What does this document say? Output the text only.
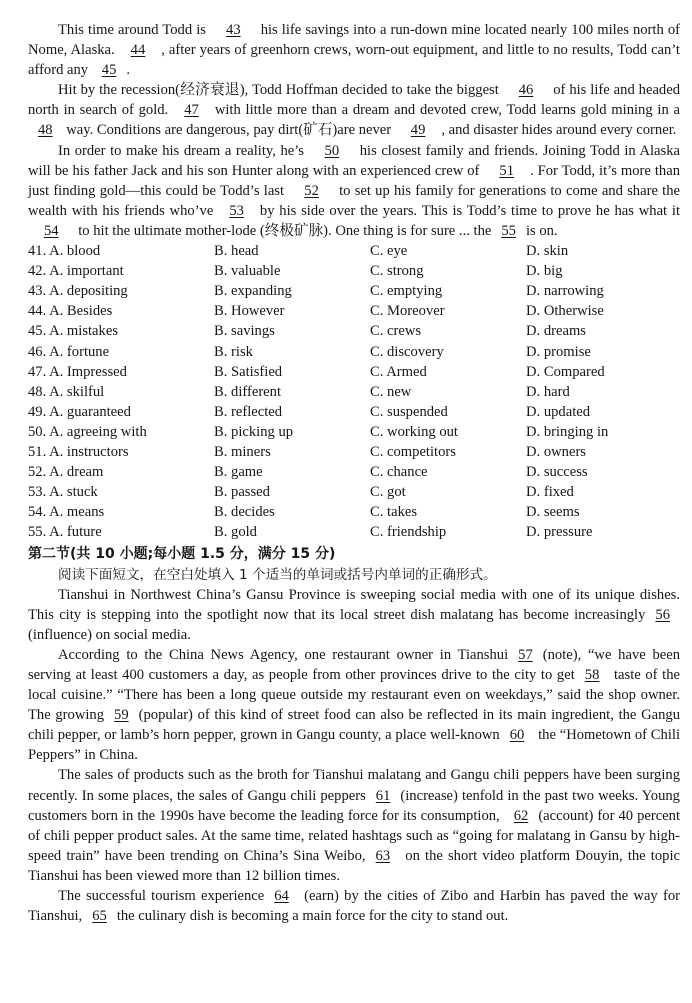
This time around Todd is 43 his life savings into a run-down mine located nearly 100 miles north of Nome, Alaska. 44 , after years of greenhorn crews, worn-out equipment, and little to no results, Todd can’t afford any 45 .

Hit by the recession(经济衰退), Todd Hoffman decided to take the biggest 46 of his life and headed north in search of gold. 47 with little more than a dream and devoted crew, Todd learns gold mining in a48 way. Conditions are dangerous, pay dirt(矿石)are never 49 , and disaster hides around every corner.

In order to make his dream a reality, he’s 50 his closest family and friends. Joining Todd in Alaska will be his father Jack and his son Hunter along with an experienced crew of 51 . For Todd, it’s more than just finding gold—this could be Todd’s last 52 to set up his family for generations to come and share the wealth with his friends who’ve 53 by his side over the years. This is Todd’s time to prove he has what it 54 to hit the ultimate mother-lode (终极矿脉). One thing is for sure ... the 55 is on.

41. A. blood	B. head	C. eye	D. skin
42. A. important	B. valuable	C. strong	D. big
43. A. depositing	B. expanding	C. emptying	D. narrowing
44. A. Besides	B. However	C. Moreover	D. Otherwise
45. A. mistakes	B. savings	C. crews	D. dreams
46. A. fortune	B. risk	C. discovery	D. promise
47. A. Impressed	B. Satisfied	C. Armed	D. Compared
48. A. skilful	B. different	C. new	D. hard
49. A. guaranteed	B. reflected	C. suspended	D. updated
50. A. agreeing with	B. picking up	C. working out	D. bringing in
51. A. instructors	B. miners	C. competitors	D. owners
52. A. dream	B. game	C. chance	D. success
53. A. stuck	B. passed	C. got	D. fixed
54. A. means	B. decides	C. takes	D. seems
55. A. future	B. gold	C. friendship	D. pressure
第二节(共 10 小题;每小题 1.5 分，满分 15 分)
阅读下面短文，在空白处填入 1 个适当的单词或括号内单词的正确形式。

Tianshui in Northwest China’s Gansu Province is sweeping social media with one of its unique dishes. This city is stepping into the spotlight now that its local street dish malatang has become increasingly 56(influence) on social media.

According to the China News Agency, one restaurant owner in Tianshui 57 (note), “we have been serving at least 400 customers a day, as people from other provinces drive to the city to get 58 taste of the local cuisine.” “There has been a long queue outside my restaurant even on weekdays,” said the shop owner. The growing 59 (popular) of this kind of street food can also be reflected in its main ingredient, the Gangu chili pepper, or lamb’s horn pepper, grown in Gangu county, a place well-known 60 the “Hometown of Chili Peppers” in China.

The sales of products such as the broth for Tianshui malatang and Gangu chili peppers have been surging recently. In some places, the sales of Gangu chili peppers 61 (increase) tenfold in the past two weeks. Young customers born in the 1990s have become the leading force for its consumption, 62 (account) for 40 percent of chili pepper product sales. At the same time, related hashtags such as “going for malatang in Gansu by high-speed train” have been trending on China’s Sina Weibo, 63 on the short video platform Douyin, the topic Tianshui has been viewed more than 12 billion times.

The successful tourism experience 64 (earn) by the cities of Zibo and Harbin has paved the way for Tianshui, 65 the culinary dish is becoming a main force for the city to stand out.
